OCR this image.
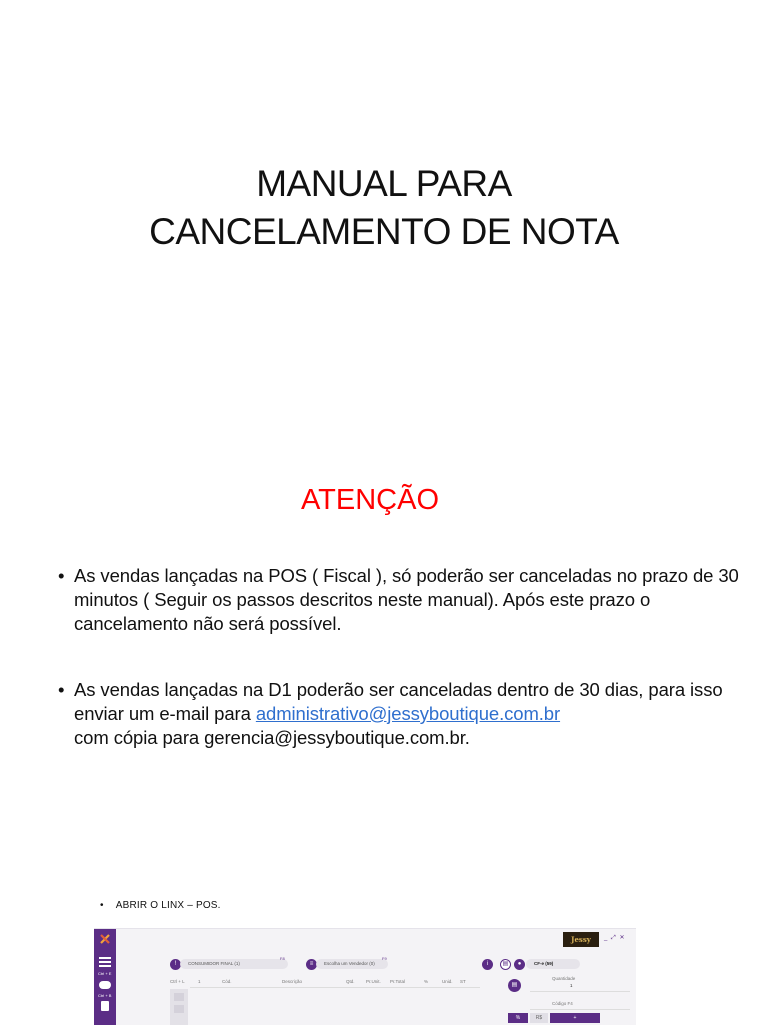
MANUAL PARA
CANCELAMENTO DE NOTA
ATENÇÃO
• As vendas lançadas na POS ( Fiscal ), só poderão ser canceladas no prazo de 30 minutos ( Seguir os passos descritos neste manual). Após este prazo o cancelamento não será possível.
• As vendas lançadas na D1 poderão ser canceladas dentro de 30 dias, para isso enviar um e-mail para administrativo@jessyboutique.com.br
com cópia para gerencia@jessyboutique.com.br.
• ABRIR O LINX – POS.
Ctrl + E
Ctrl + B
!	CONSUMIDOR FINAL (1)
F8
≡	Escolha um Vendedor (0)
F9
i	▤	●	CF-e (59)
Ctrl + L	1	Cód.	Descrição	Qtd.	Pr.Unit. Pr.Total	%	Unid. ST
▤
Quantidade
1
Código F4
%	R$	+
Jessy	_ ⤢ ✕
